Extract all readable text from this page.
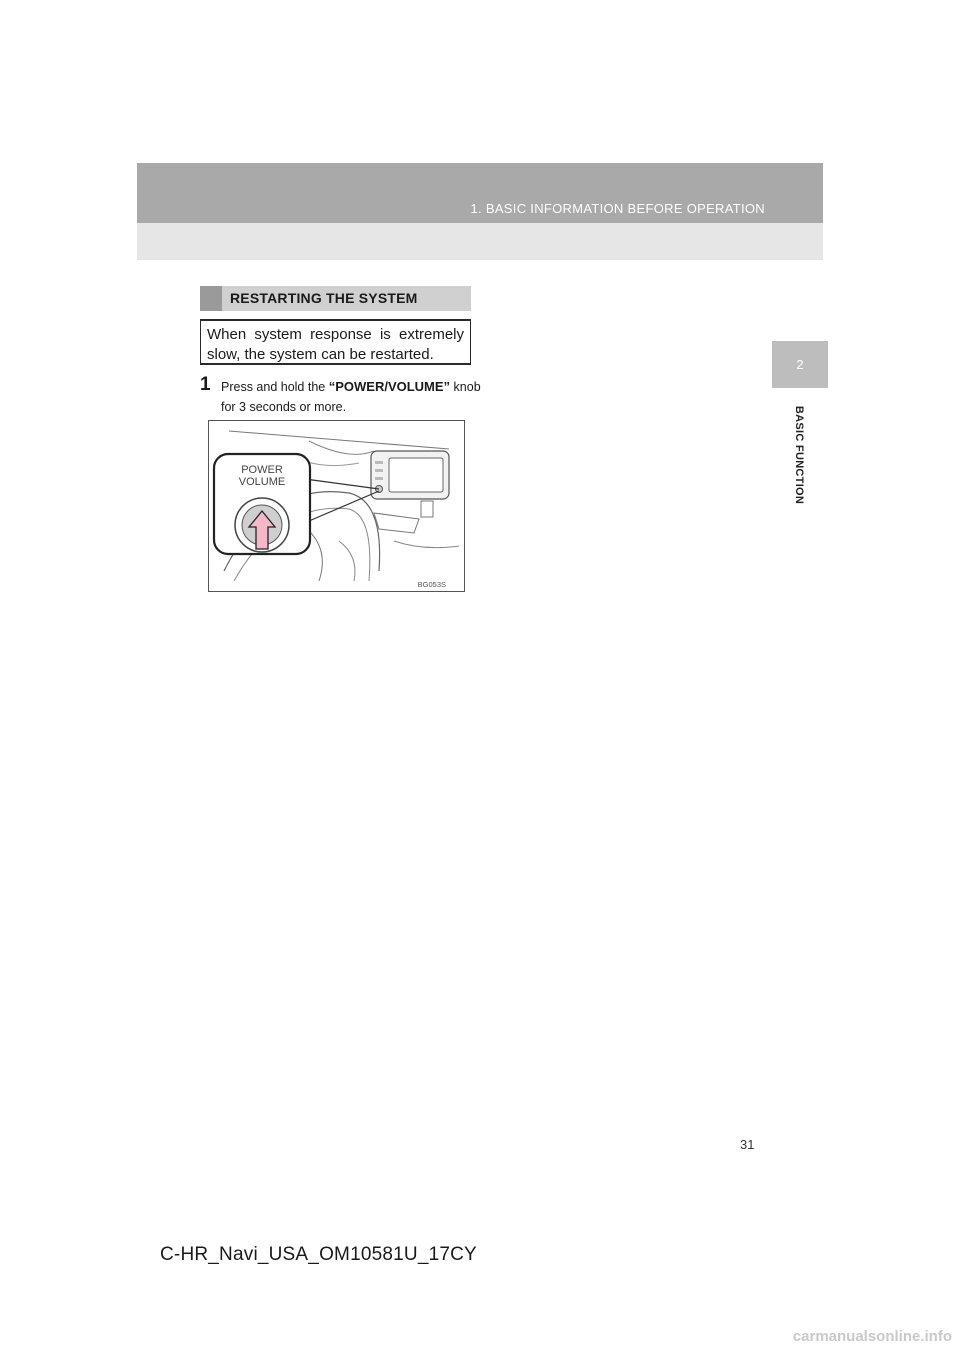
1. BASIC INFORMATION BEFORE OPERATION
2
BASIC FUNCTION
RESTARTING THE SYSTEM
When system response is extremely slow, the system can be restarted.
1 Press and hold the “POWER/VOLUME” knob for 3 seconds or more.
POWER
VOLUME
BG053S
31
C-HR_Navi_USA_OM10581U_17CY
carmanualsonline.info
